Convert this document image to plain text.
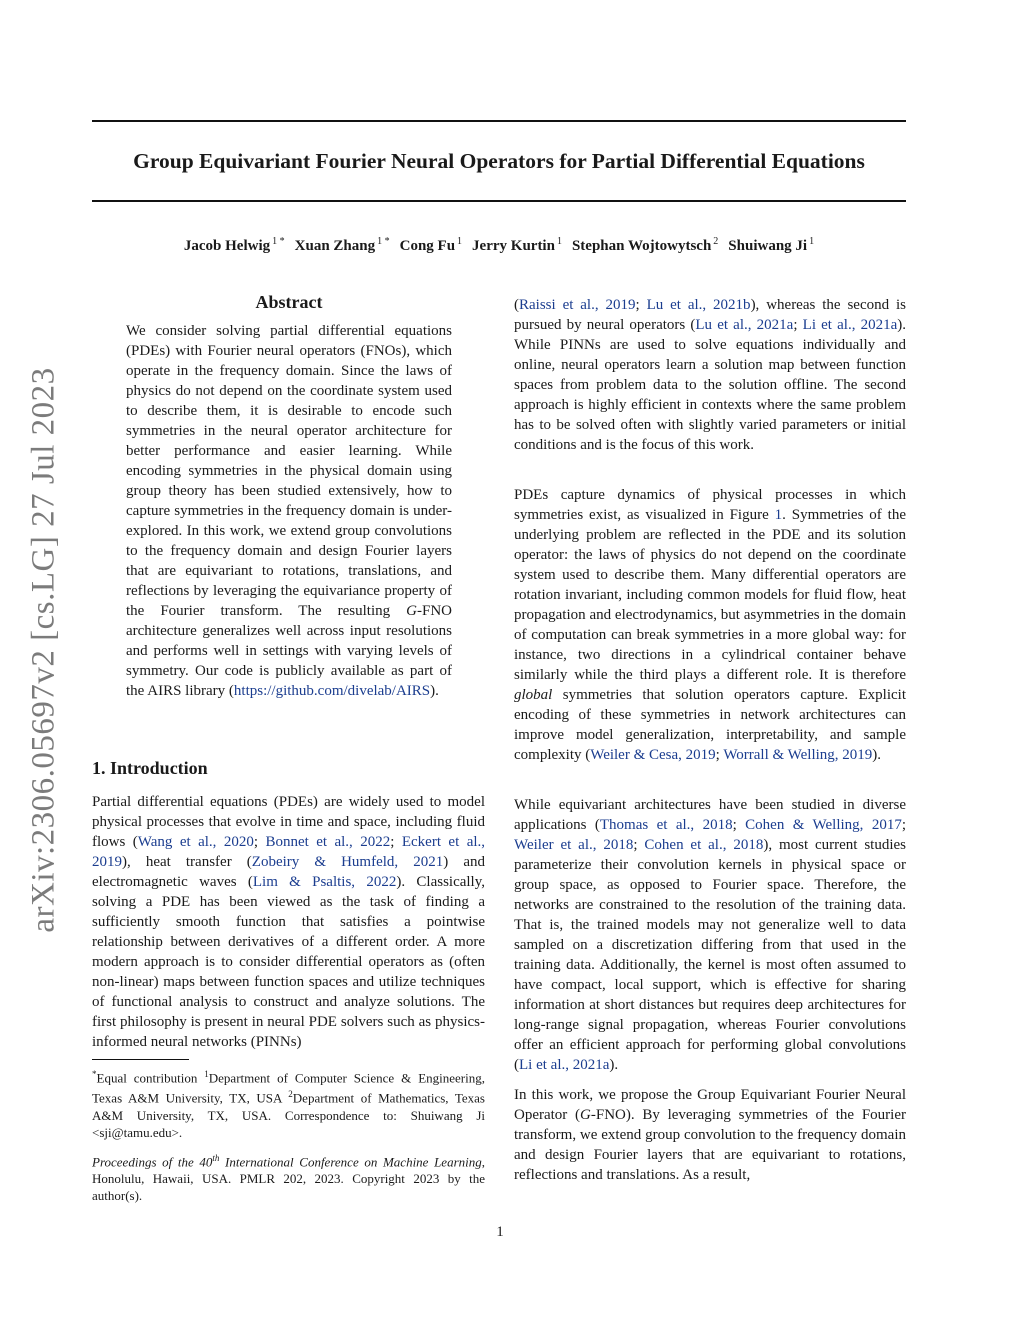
Group Equivariant Fourier Neural Operators for Partial Differential Equations
Jacob Helwig $^{1 *}$ Xuan Zhang $^{1 *}$ Cong Fu $^1$ Jerry Kurtin $^1$ Stephan Wojtowytsch $^2$ Shuiwang Ji $^1$
arXiv:2306.05697v2 [cs.LG] 27 Jul 2023
Abstract

We consider solving partial differential equations (PDEs) with Fourier neural operators (FNOs), which operate in the frequency domain. Since the laws of physics do not depend on the coordinate system used to describe them, it is desirable to encode such symmetries in the neural operator architecture for better performance and easier learning. While encoding symmetries in the physical domain using group theory has been studied extensively, how to capture symmetries in the frequency domain is under-explored. In this work, we extend group convolutions to the frequency domain and design Fourier layers that are equivariant to rotations, translations, and reflections by leveraging the equivariance property of the Fourier transform. The resulting G-FNO architecture generalizes well across input resolutions and performs well in settings with varying levels of symmetry. Our code is publicly available as part of the AIRS library (https://github.com/divelab/AIRS).

1. Introduction

Partial differential equations (PDEs) are widely used to model physical processes that evolve in time and space, including fluid flows (Wang et al., 2020; Bonnet et al., 2022; Eckert et al., 2019), heat transfer (Zobeiry & Humfeld, 2021) and electromagnetic waves (Lim & Psaltis, 2022). Classically, solving a PDE has been viewed as the task of finding a sufficiently smooth function that satisfies a pointwise relationship between derivatives of a different order. A more modern approach is to consider differential operators as (often non-linear) maps between function spaces and utilize techniques of functional analysis to construct and analyze solutions. The first philosophy is present in neural PDE solvers such as physics-informed neural networks (PINNs)

(Raissi et al., 2019; Lu et al., 2021b), whereas the second is pursued by neural operators (Lu et al., 2021a; Li et al., 2021a). While PINNs are used to solve equations individually and online, neural operators learn a solution map between function spaces from problem data to the solution offline. The second approach is highly efficient in contexts where the same problem has to be solved often with slightly varied parameters or initial conditions and is the focus of this work.

PDEs capture dynamics of physical processes in which symmetries exist, as visualized in Figure 1. Symmetries of the underlying problem are reflected in the PDE and its solution operator: the laws of physics do not depend on the coordinate system used to describe them. Many differential operators are rotation invariant, including common models for fluid flow, heat propagation and electrodynamics, but asymmetries in the domain of computation can break symmetries in a more global way: for instance, two directions in a cylindrical container behave similarly while the third plays a different role. It is therefore global symmetries that solution operators capture. Explicit encoding of these symmetries in network architectures can improve model generalization, interpretability, and sample complexity (Weiler & Cesa, 2019; Worrall & Welling, 2019).

While equivariant architectures have been studied in diverse applications (Thomas et al., 2018; Cohen & Welling, 2017; Weiler et al., 2018; Cohen et al., 2018), most current studies parameterize their convolution kernels in physical space or group space, as opposed to Fourier space. Therefore, the networks are constrained to the resolution of the training data. That is, the trained models may not generalize well to data sampled on a discretization differing from that used in the training data. Additionally, the kernel is most often assumed to have compact, local support, which is effective for sharing information at short distances but requires deep architectures for long-range signal propagation, whereas Fourier convolutions offer an efficient approach for performing global convolutions (Li et al., 2021a).

In this work, we propose the Group Equivariant Fourier Neural Operator (G-FNO). By leveraging symmetries of the Fourier transform, we extend group convolution to the frequency domain and design Fourier layers that are equivariant to rotations, reflections and translations. As a result,

*Equal contribution $^1$Department of Computer Science & Engineering, Texas A&M University, TX, USA $^2$Department of Mathematics, Texas A&M University, TX, USA. Correspondence to: Shuiwang Ji <sji@tamu.edu>.

Proceedings of the 40th International Conference on Machine Learning, Honolulu, Hawaii, USA. PMLR 202, 2023. Copyright 2023 by the author(s).

1
